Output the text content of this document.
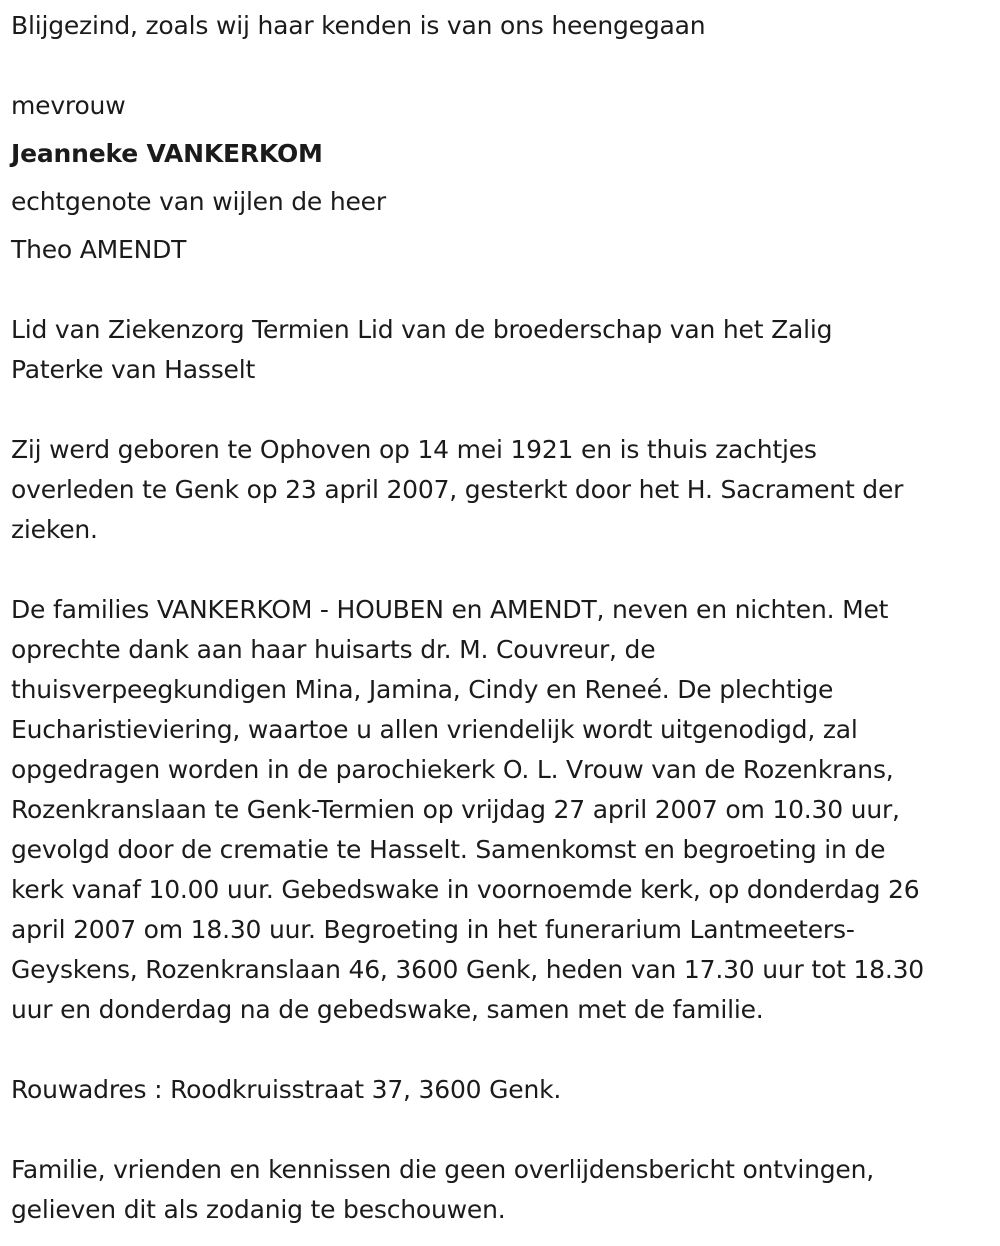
Blijgezind, zoals wij haar kenden is van ons heengegaan
mevrouw
Jeanneke VANKERKOM
echtgenote van wijlen de heer
Theo AMENDT
Lid van Ziekenzorg Termien Lid van de broederschap van het Zalig
Paterke van Hasselt
Zij werd geboren te Ophoven op 14 mei 1921 en is thuis zachtjes
overleden te Genk op 23 april 2007, gesterkt door het H. Sacrament der
zieken.
De families VANKERKOM - HOUBEN en AMENDT, neven en nichten. Met
oprechte dank aan haar huisarts dr. M. Couvreur, de
thuisverpeegkundigen Mina, Jamina, Cindy en Reneé. De plechtige
Eucharistieviering, waartoe u allen vriendelijk wordt uitgenodigd, zal
opgedragen worden in de parochiekerk O. L. Vrouw van de Rozenkrans,
Rozenkranslaan te Genk-Termien op vrijdag 27 april 2007 om 10.30 uur,
gevolgd door de crematie te Hasselt. Samenkomst en begroeting in de
kerk vanaf 10.00 uur. Gebedswake in voornoemde kerk, op donderdag 26
april 2007 om 18.30 uur. Begroeting in het funerarium Lantmeeters-
Geyskens, Rozenkranslaan 46, 3600 Genk, heden van 17.30 uur tot 18.30
uur en donderdag na de gebedswake, samen met de familie.
Rouwadres : Roodkruisstraat 37, 3600 Genk.
Familie, vrienden en kennissen die geen overlijdensbericht ontvingen,
gelieven dit als zodanig te beschouwen.
